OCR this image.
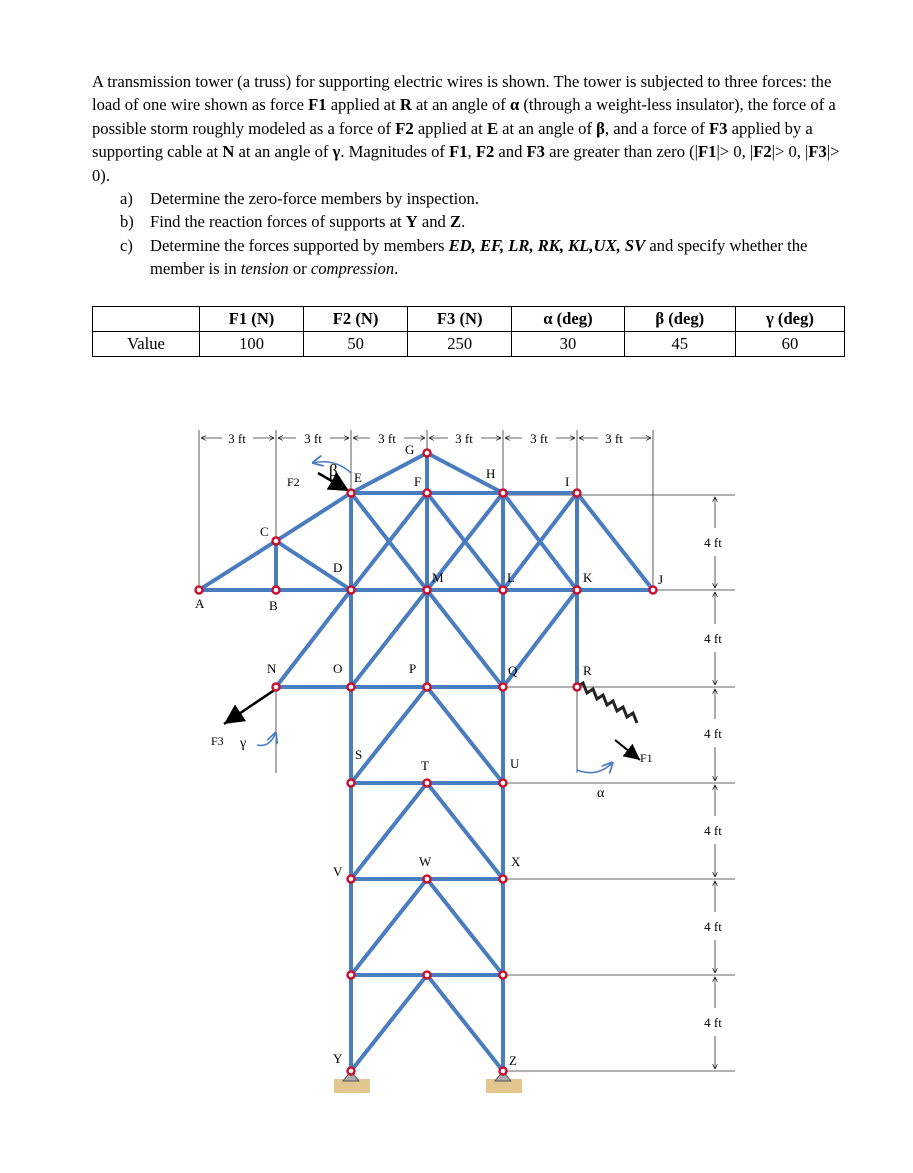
A transmission tower (a truss) for supporting electric wires is shown. The tower is subjected to three forces: the load of one wire shown as force F1 applied at R at an angle of α (through a weight-less insulator), the force of a possible storm roughly modeled as a force of F2 applied at E at an angle of β, and a force of F3 applied by a supporting cable at N at an angle of γ. Magnitudes of F1, F2 and F3 are greater than zero (|F1|> 0, |F2|> 0, |F3|> 0).

a) Determine the zero-force members by inspection.
b) Find the reaction forces of supports at Y and Z.
c) Determine the forces supported by members ED, EF, LR, RK, KL,UX, SV and specify whether the member is in tension or compression.
	F1 (N)	F2 (N)	F3 (N)	α (deg)	β (deg)	γ (deg)
Value	100	50	250	30	45	60
3 ft	3 ft	3 ft	3 ft	3 ft	3 ft
4 ft
4 ft
4 ft
4 ft
4 ft
4 ft
A	B
C
D
E	F
G
H
I
J
K
L
M
N	O	P	Q	R
S
T	U
V
W	X
Y	Z
F2
F3
F1
β
γ
α
